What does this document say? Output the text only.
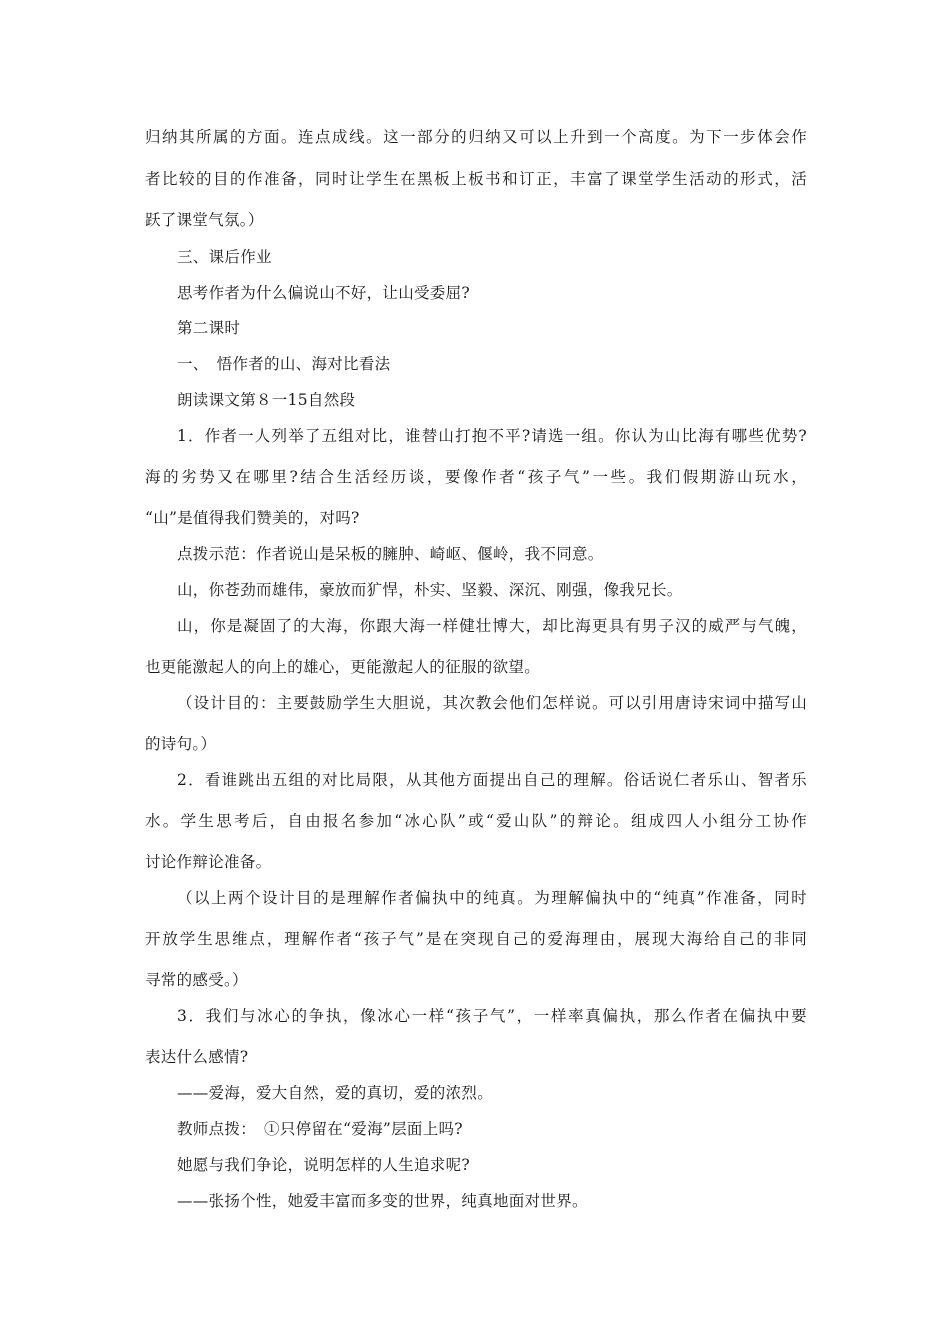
归纳其所属的方面。连点成线。这一部分的归纳又可以上升到一个高度。为下一步体会作
者比较的目的作准备，同时让学生在黑板上板书和订正，丰富了课堂学生活动的形式，活
跃了课堂气氛。）
三、课后作业
思考作者为什么偏说山不好，让山受委屈?
第二课时
一、　悟作者的山、海对比看法
朗读课文第８一15自然段
1．作者一人列举了五组对比，谁替山打抱不平?请选一组。你认为山比海有哪些优势?
海的劣势又在哪里?结合生活经历谈，要像作者“孩子气”一些。我们假期游山玩水，
“山”是值得我们赞美的，对吗?
点拨示范：作者说山是呆板的臃肿、崎岖、偃岭，我不同意。
山，你苍劲而雄伟，豪放而犷悍，朴实、坚毅、深沉、刚强，像我兄长。
山，你是凝固了的大海，你跟大海一样健壮博大，却比海更具有男子汉的威严与气魄，
也更能激起人的向上的雄心，更能激起人的征服的欲望。
（设计目的：主要鼓励学生大胆说，其次教会他们怎样说。可以引用唐诗宋词中描写山
的诗句。）
2．看谁跳出五组的对比局限，从其他方面提出自己的理解。俗话说仁者乐山、智者乐
水。学生思考后，自由报名参加“冰心队”或“爱山队”的辩论。组成四人小组分工协作
讨论作辩论准备。
（以上两个设计目的是理解作者偏执中的纯真。为理解偏执中的“纯真”作准备，同时
开放学生思维点，理解作者“孩子气”是在突现自己的爱海理由，展现大海给自己的非同
寻常的感受。）
3．我们与冰心的争执，像冰心一样“孩子气”，一样率真偏执，那么作者在偏执中要
表达什么感情?
——爱海，爱大自然，爱的真切，爱的浓烈。
教师点拨：　①只停留在“爱海”层面上吗?
她愿与我们争论，说明怎样的人生追求呢?
——张扬个性，她爱丰富而多变的世界，纯真地面对世界。
